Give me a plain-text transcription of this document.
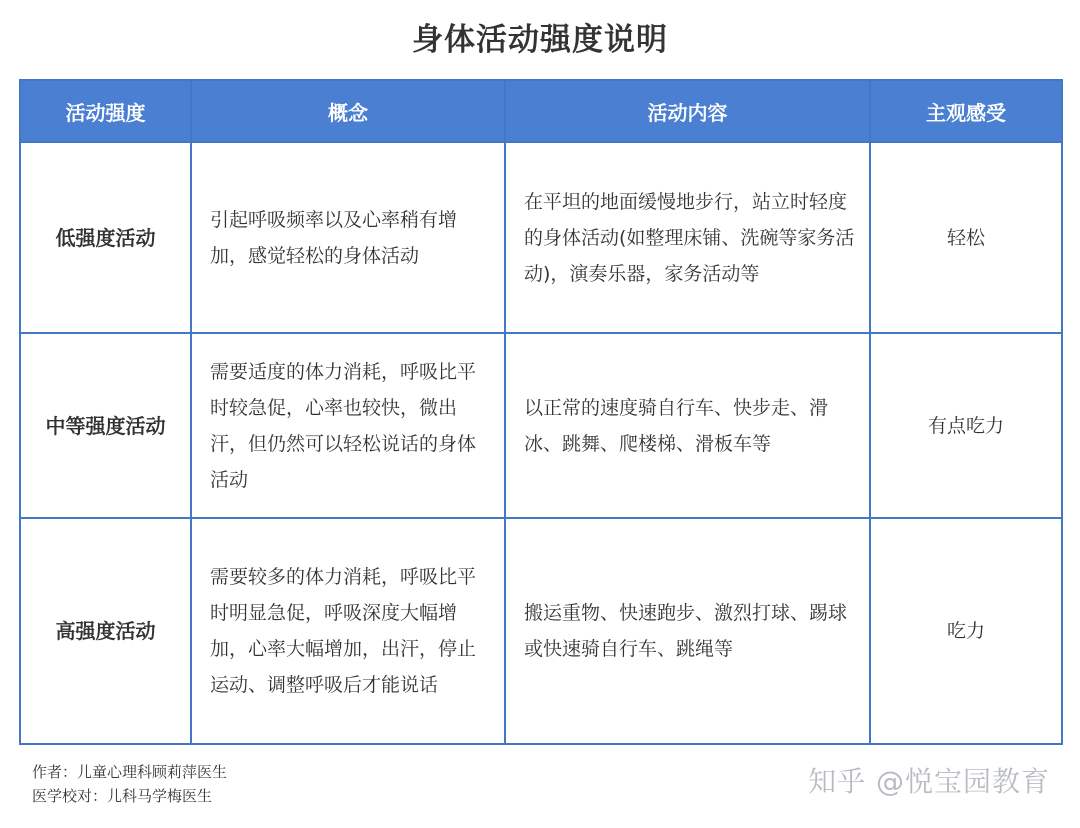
身体活动强度说明
活动强度	概念	活动内容	主观感受
低强度活动	引起呼吸频率以及心率稍有增加，感觉轻松的身体活动	在平坦的地面缓慢地步行，站立时轻度的身体活动(如整理床铺、洗碗等家务活动)，演奏乐器，家务活动等	轻松
中等强度活动	需要适度的体力消耗，呼吸比平时较急促，心率也较快，微出汗，但仍然可以轻松说话的身体活动	以正常的速度骑自行车、快步走、滑冰、跳舞、爬楼梯、滑板车等	有点吃力
高强度活动	需要较多的体力消耗，呼吸比平时明显急促，呼吸深度大幅增加，心率大幅增加，出汗，停止运动、调整呼吸后才能说话	搬运重物、快速跑步、激烈打球、踢球或快速骑自行车、跳绳等	吃力
作者：儿童心理科顾莉萍医生
医学校对：儿科马学梅医生	知乎 @悦宝园教育
